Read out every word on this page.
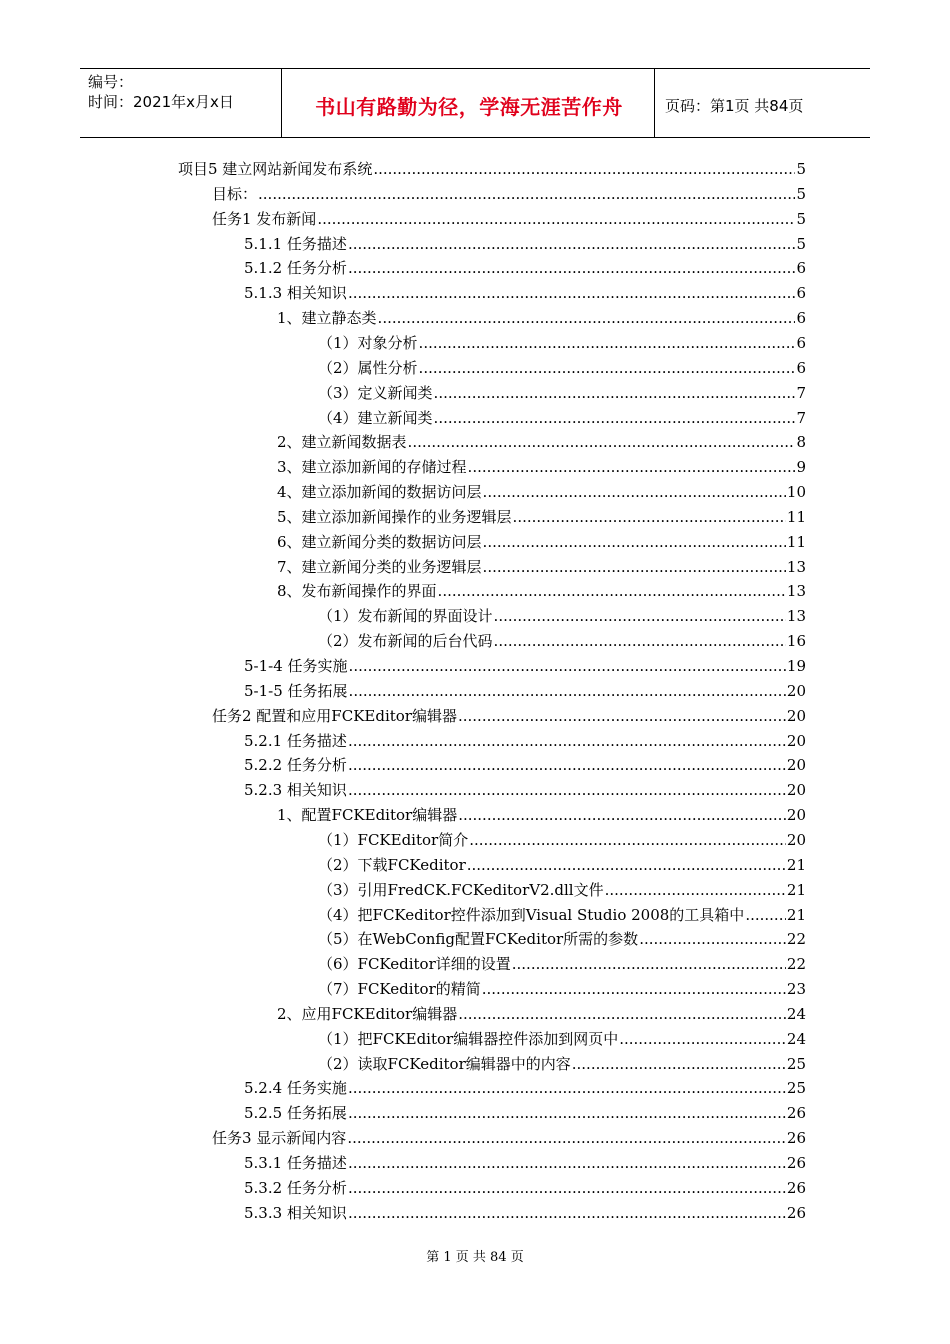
编号：
时间：2021年x月x日	书山有路勤为径，学海无涯苦作舟	页码：第1页 共84页
项目5 建立网站新闻发布系统 .....	5
目标： .....	5
任务1 发布新闻 .....	5
5.1.1 任务描述 .....	5
5.1.2 任务分析 .....	6
5.1.3 相关知识 .....	6
1、建立静态类 .....	6
（1）对象分析 .....	6
（2）属性分析 .....	6
（3）定义新闻类 .....	7
（4）建立新闻类 .....	7
2、建立新闻数据表 .....	8
3、建立添加新闻的存储过程 .....	9
4、建立添加新闻的数据访问层 .....	10
5、建立添加新闻操作的业务逻辑层 .....	11
6、建立新闻分类的数据访问层 .....	11
7、建立新闻分类的业务逻辑层 .....	13
8、发布新闻操作的界面 .....	13
（1）发布新闻的界面设计 .....	13
（2）发布新闻的后台代码 .....	16
5-1-4 任务实施 .....	19
5-1-5 任务拓展 .....	20
任务2 配置和应用FCKEditor编辑器 .....	20
5.2.1 任务描述 .....	20
5.2.2 任务分析 .....	20
5.2.3 相关知识 .....	20
1、配置FCKEditor编辑器 .....	20
（1）FCKEditor简介 .....	20
（2）下载FCKeditor .....	21
（3）引用FredCK.FCKeditorV2.dll文件 .....	21
（4）把FCKeditor控件添加到Visual Studio 2008的工具箱中 .....	21
（5）在WebConfig配置FCKeditor所需的参数 .....	22
（6）FCKeditor详细的设置 .....	22
（7）FCKeditor的精简 .....	23
2、应用FCKEditor编辑器 .....	24
（1）把FCKEditor编辑器控件添加到网页中 .....	24
（2）读取FCKeditor编辑器中的内容 .....	25
5.2.4 任务实施 .....	25
5.2.5 任务拓展 .....	26
任务3 显示新闻内容 .....	26
5.3.1 任务描述 .....	26
5.3.2 任务分析 .....	26
5.3.3 相关知识 .....	26
第 1 页 共 84 页
